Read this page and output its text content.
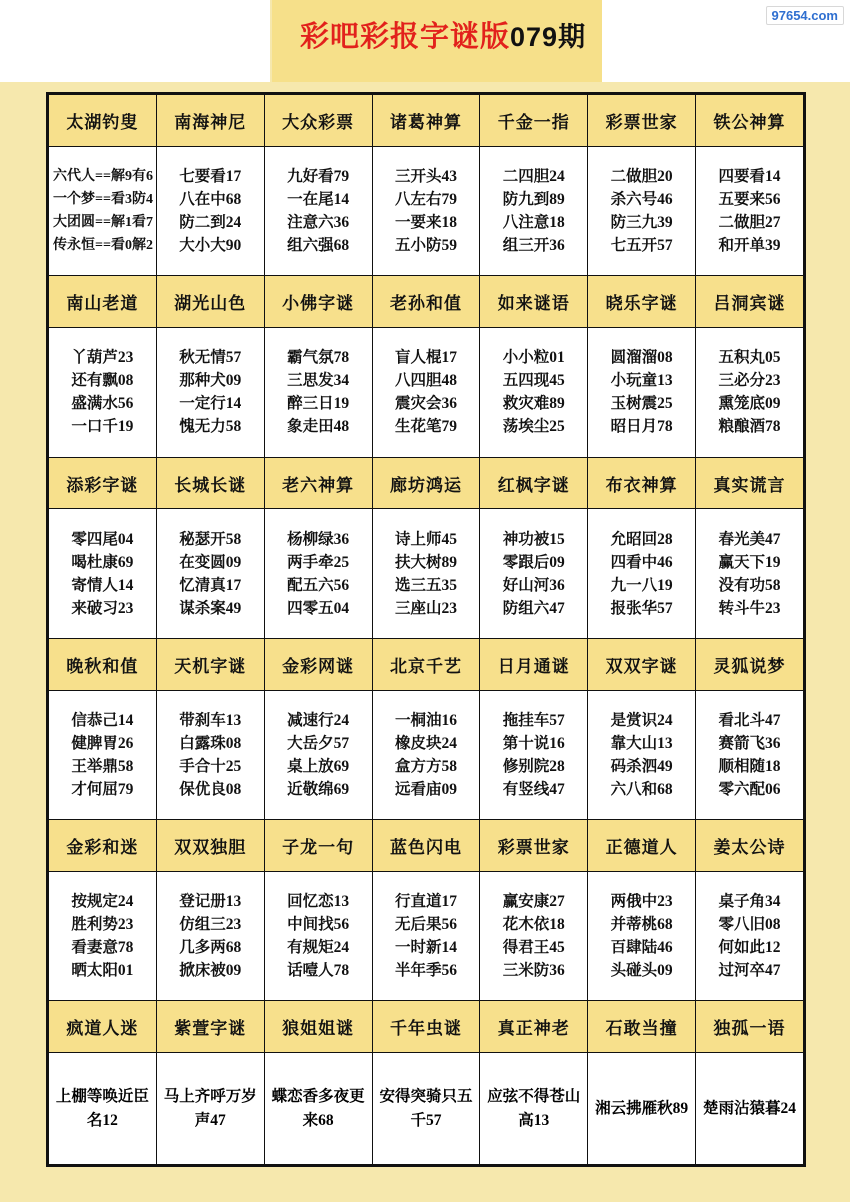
彩吧彩报字谜版079期
97654.com
太湖钓叟	南海神尼	大众彩票	诸葛神算	千金一指	彩票世家	铁公神算

六代人==解9有6
一个梦==看3防4
大团圆==解1看7
传永恒==看0解2	七要看17
八在中68
防二到24
大小大90	九好看79
一在尾14
注意六36
组六强68	三开头43
八左右79
一要来18
五小防59	二四胆24
防九到89
八注意18
组三开36	二做胆20
杀六号46
防三九39
七五开57	四要看14
五要来56
二做胆27
和开单39

南山老道	湖光山色	小佛字谜	老孙和值	如来谜语	晓乐字谜	吕洞宾谜

丫葫芦23
还有飘08
盛满水56
一口千19	秋无情57
那种犬09
一定行14
愧无力58	霸气氛78
三思发34
醉三日19
象走田48	盲人棍17
八四胆48
震灾会36
生花笔79	小小粒01
五四现45
救灾难89
荡埃尘25	圆溜溜08
小玩童13
玉树震25
昭日月78	五积丸05
三必分23
熏笼底09
粮酿酒78

添彩字谜	长城长谜	老六神算	廊坊鸿运	红枫字谜	布衣神算	真实谎言

零四尾04
喝杜康69
寄情人14
来破习23	秘瑟开58
在变圆09
忆清真17
谋杀案49	杨柳绿36
两手牵25
配五六56
四零五04	诗上师45
扶大树89
选三五35
三座山23	神功被15
零跟后09
好山河36
防组六47	允昭回28
四看中46
九一八19
报张华57	春光美47
赢天下19
没有功58
转斗牛23

晚秋和值	天机字谜	金彩网谜	北京千艺	日月通谜	双双字谜	灵狐说梦

信恭己14
健脾胃26
王举鼎58
才何屈79	带刹车13
白露珠08
手合十25
保优良08	减速行24
大岳夕57
桌上放69
近敬绵69	一桐油16
橡皮块24
盒方方58
远看庙09	拖挂车57
第十说16
修别院28
有竖线47	是赏识24
靠大山13
码杀泗49
六八和68	看北斗47
赛箭飞36
顺相随18
零六配06

金彩和迷	双双独胆	子龙一句	蓝色闪电	彩票世家	正德道人	姜太公诗

按规定24
胜利势23
看妻意78
晒太阳01	登记册13
仿组三23
几多两68
掀床被09	回忆恋13
中间找56
有规矩24
话噎人78	行直道17
无后果56
一时新14
半年季56	赢安康27
花木依18
得君王45
三米防36	两俄中23
并蒂桃68
百肆陆46
头碰头09	桌子角34
零八旧08
何如此12
过河卒47

疯道人迷	紫萱字谜	狼姐姐谜	千年虫谜	真正神老	石敢当撞	独孤一语

上棚等唤近臣
名12	马上齐呼万岁
声47	蝶恋香多夜更
来68	安得突骑只五
千57	应弦不得苍山
高13	湘云拂雁秋89	楚雨沾猿暮24
